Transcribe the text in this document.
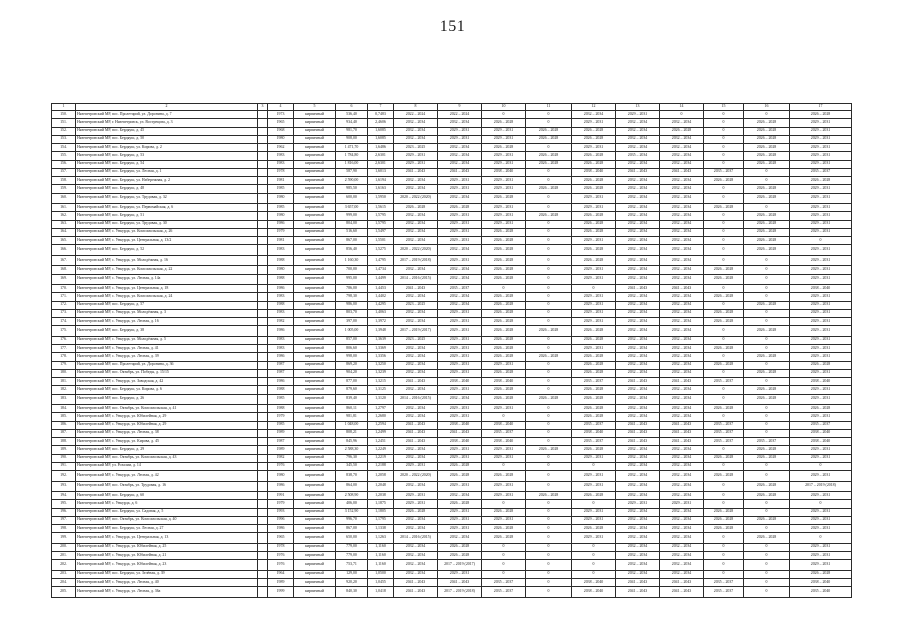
151
1	2	3	4	5	6	7	8	9	10	11	12	13	14	15	16	17
150.	Нязепетровский МР, пос. Пролетарий, ул. Доронина, д. 7		1973	кирпичный	536,40	0,7483	2022 – 2024	2022 – 2024	0	0	2032 – 2034	2029 – 2031	0	0	0	2026 – 2028
151.	Нязепетровский МР, г. Нязепетровск, ул. Вострецова, д. 3		1965	кирпичный	934,40	2,4606	2032 – 2034	2032 – 2034	2026 – 2028	0	2029 – 2031	2032 – 2034	2032 – 2034	0	2026 – 2028	2029 – 2031
152.	Нязепетровский МР, пос. Бердяуш, д. 45		1968	кирпичный	981,70	1,6085	2032 – 2034	2029 – 2031	2029 – 2031	2026 – 2028	2026 – 2028	2032 – 2034	2026 – 2028	0	2026 – 2028	2029 – 2031
153.	Нязепетровский МР, пос. Бердяуш, д. 50		1980	кирпичный	908,00	1,6085	2032 – 2034	2029 – 2031	2029 – 2031	2026 – 2028	2026 – 2028	2032 – 2034	2032 – 2034	0	2026 – 2028	2029 – 2031
154.	Нязепетровский МР, пос. Бердяуш, ул. Кирова, д. 2		1962	кирпичный	1 471,70	1,6486	2023 – 2025	2032 – 2034	2026 – 2028	0	2029 – 2031	2032 – 2034	2032 – 2034	0	2026 – 2028	2029 – 2031
155.	Нязепетровский МР, пос. Бердяуш, д. 53		1983	кирпичный	1 784,80	2,6301	2029 – 2031	2032 – 2034	2029 – 2031	2026 – 2028	2026 – 2028	2035 – 2034	2032 – 2034	0	2026 – 2028	2029 – 2031
156.	Нязепетровский МР, пос. Бердяуш, д. 54		1983	кирпичный	1 816,00	2,6301	2029 – 2031	2032 – 2034	2029 – 2031	2026 – 2028	2026 – 2028	2032 – 2034	2032 – 2034	0	2026 – 2028	2029 – 2031
157.	Нязепетровский МР, пос. Бердяуш, ул. Лесная, д. 1		1978	кирпичный	587,90	1,6013	2041 – 2043	2041 – 2043	2038 – 2040	0	2038 – 2040	2041 – 2043	2041 – 2043	2035 – 2037	0	2035 – 2037
158.	Нязепетровский МР, пос. Бердяуш, ул. Набережная, д. 2		1981	кирпичный	2 590,00	1,6194	2032 – 2034	2029 – 2031	2029 – 2031	0	2026 – 2028	2032 – 2034	2032 – 2034	2026 – 2028	0	2026 – 2028
159.	Нязепетровский МР, пос. Бердяуш, д. 48		1985	кирпичный	985,50	1,6163	2032 – 2034	2029 – 2031	2029 – 2031	2026 – 2028	2026 – 2028	2032 – 2034	2032 – 2034	0	2026 – 2028	2029 – 2031
160.	Нязепетровский МР, пос. Бердяуш, ул. Трудовая, д. 32		1980	кирпичный	600,00	1,5950	2020 – 2022 (2020)	2032 – 2034	2026 – 2028	0	2029 – 2031	2032 – 2034	2032 – 2034	0	2026 – 2028	2029 – 2031
161.	Нязепетровский МР, пос. Бердяуш, ул. Первомайская, д. 6		1985	кирпичный	3 657,00	1,5615	2026 – 2028	2026 – 2028	2029 – 2031	0	2029 – 2031	2032 – 2034	2032 – 2034	2026 – 2028	0	2029 – 2031
162.	Нязепетровский МР, пос. Бердяуш, д. 51		1980	кирпичный	999,00	1,5795	2032 – 2034	2029 – 2031	2029 – 2031	2026 – 2028	2026 – 2028	2032 – 2034	2032 – 2034	0	2026 – 2028	2029 – 2031
163.	Нязепетровский МР, пос. Бердяуш, ул. Трудовая, д. 30		1986	кирпичный	804,00	1,5795	2032 – 2034	2029 – 2031	2029 – 2031	0	2026 – 2028	2032 – 2034	2032 – 2034	0	2026 – 2028	2029 – 2031
164.	Нязепетровский МР, с. Ункурда, ул. Комсомольская, д. 26		1979	кирпичный	516,60	1,5497	2032 – 2034	2029 – 2031	2026 – 2028	0	2026 – 2028	2032 – 2034	2032 – 2034	0	2026 – 2028	2029 – 2031
165.	Нязепетровский МР, с. Ункурда, ул. Центральная, д. 13/2		1981	кирпичный	867,00	1,5501	2032 – 2034	2029 – 2031	2026 – 2028	0	2029 – 2031	2032 – 2034	2032 – 2034	0	2026 – 2028	0
166.	Нязепетровский МР, пос. Бердяуш, д. 52		1983	кирпичный	856,40	1,5275	2020 – 2022 (2020)	2032 – 2034	2026 – 2028	0	2026 – 2028	2032 – 2034	2032 – 2034	0	2026 – 2028	2029 – 2031
167.	Нязепетровский МР, с. Ункурда, ул. Молодёжная, д. 16		1988	кирпичный	1 160,30	1,4795	2017 – 2019 (2018)	2029 – 2031	2026 – 2028	0	2026 – 2028	2032 – 2034	2032 – 2034	0	0	2029 – 2031
168.	Нязепетровский МР, с. Ункурда, ул. Комсомольская, д. 22		1980	кирпичный	700,00	1,4734	2032 – 2034	2032 – 2034	2026 – 2028	0	2029 – 2031	2032 – 2034	2032 – 2034	2026 – 2028	0	2029 – 2031
169.	Нязепетровский МР, с. Ункурда, ул. Лесная, д. 14а		1988	кирпичный	995,00	1,4499	2014 – 2016 (2015)	2032 – 2034	2026 – 2028	0	2029 – 2031	2032 – 2034	2032 – 2034	2026 – 2028	0	2029 – 2031
170.	Нязепетровский МР, с. Ункурда, ул. Центральная, д. 18		1986	кирпичный	786,00	1,4453	2041 – 2043	2035 – 2037	0	0	0	2041 – 2043	2041 – 2043	0	0	2038 – 2040
171.	Нязепетровский МР, с. Ункурда, ул. Комсомольская, д. 24		1983	кирпичный	798,30	1,4402	2032 – 2034	2032 – 2034	2026 – 2028	0	2029 – 2031	2032 – 2034	2032 – 2034	2026 – 2028	0	2029 – 2031
172.	Нязепетровский МР, пос. Бердяуш, д. 57		1988	кирпичный	986,00	1,4295	2023 – 2025	2032 – 2034	2026 – 2028	0	2029 – 2031	2032 – 2034	2032 – 2034	0	2026 – 2028	2029 – 2031
173.	Нязепетровский МР, с. Ункурда, ул. Молодёжная, д. 3		1983	кирпичный	803,70	1,4063	2032 – 2034	2029 – 2031	2026 – 2028	0	2029 – 2031	2032 – 2034	2032 – 2034	2026 – 2028	0	2029 – 2031
174.	Нязепетровский МР, с. Ункурда, ул. Лесная, д. 16		1982	кирпичный	397,00	1,3972	2032 – 2034	2029 – 2031	2026 – 2028	0	2029 – 2031	2032 – 2034	2032 – 2034	2026 – 2028	0	2029 – 2031
175.	Нязепетровский МР, пос. Бердяуш, д. 38		1986	кирпичный	1 005,00	1,3948	2017 – 2019 (2017)	2029 – 2031	2026 – 2028	2026 – 2028	2026 – 2028	2032 – 2034	2032 – 2034	0	2026 – 2028	2029 – 2031
176.	Нязепетровский МР, с. Ункурда, ул. Молодёжная, д. 5		1983	кирпичный	857,00	1,3639	2023 – 2025	2029 – 2031	2026 – 2028	0	2026 – 2028	2032 – 2034	2032 – 2034	0	0	2029 – 2031
177.	Нязепетровский МР, с. Ункурда, ул. Лесная, д. 41		1983	кирпичный	806,60	1,3369	2032 – 2034	2029 – 2031	2026 – 2028	0	2029 – 2031	2032 – 2034	2032 – 2034	2026 – 2028	0	2029 – 2031
178.	Нязепетровский МР, с. Ункурда, ул. Лесная, д. 39		1986	кирпичный	998,00	1,3356	2032 – 2034	2029 – 2031	2026 – 2028	2026 – 2028	2026 – 2028	2032 – 2034	2032 – 2034	0	2026 – 2028	2029 – 2031
179.	Нязепетровский МР, пос. Пролетарий, ул. Доронина, д. 36		1987	кирпичный	869,20	1,3250	2032 – 2034	2029 – 2031	2029 – 2031	0	2026 – 2028	2032 – 2034	2032 – 2034	2026 – 2028	0	2026 – 2028
180.	Нязепетровский МР, пос. Октябрь, ул. Победы, д. 15/15		1987	кирпичный	904,20	1,3239	2032 – 2034	2029 – 2031	2026 – 2028	0	2026 – 2028	2032 – 2034	2032 – 2034	0	2026 – 2028	2029 – 2031
181.	Нязепетровский МР, с. Ункурда, ул. Заводская, д. 42		1986	кирпичный	877,00	1,3215	2041 – 2043	2038 – 2040	2038 – 2040	0	2035 – 2037	2041 – 2043	2041 – 2043	2035 – 2037	0	2038 – 2040
182.	Нязепетровский МР, пос. Бердяуш, ул. Кирова, д. 6		1988	кирпичный	879,60	1,3125	2032 – 2034	2029 – 2031	2026 – 2028	0	2026 – 2028	2032 – 2034	2032 – 2034	0	2026 – 2028	2029 – 2031
183.	Нязепетровский МР, пос. Бердяуш, д. 26		1985	кирпичный	839,40	1,3120	2014 – 2016 (2015)	2032 – 2034	2026 – 2028	2026 – 2028	2026 – 2028	2032 – 2034	2032 – 2034	0	2026 – 2028	2029 – 2031
184.	Нязепетровский МР, пос. Октябрь, ул. Комсомольская, д. 41		1988	кирпичный	860,11	1,2797	2032 – 2034	2029 – 2031	2029 – 2031	0	2026 – 2028	2032 – 2034	2032 – 2034	2026 – 2028	0	2026 – 2028
185.	Нязепетровский МР, с. Ункурда, ул. Юбилейная, д. 29		1979	кирпичный	981,81	1,2680	2032 – 2034	2029 – 2031	0	0	2026 – 2028	2032 – 2034	2032 – 2034	0	0	2029 – 2031
186.	Нязепетровский МР, с. Ункурда, ул. Юбилейная, д. 29		1985	кирпичный	1 048,00	1,2594	2041 – 2043	2038 – 2040	2038 – 2040	0	2035 – 2037	2041 – 2043	2041 – 2043	2035 – 2037	0	2035 – 2037
187.	Нязепетровский МР, с. Ункурда, ул. Лесная, д. 38		1989	кирпичный	808,21	1,2499	2041 – 2043	2041 – 2043	2035 – 2037	0	2038 – 2040	2041 – 2043	2041 – 2043	2035 – 2037	0	2038 – 2040
188.	Нязепетровский МР, с. Ункурда, ул. Кирова, д. 45		1987	кирпичный	845,96	1,2451	2041 – 2043	2038 – 2040	2038 – 2040	0	2035 – 2037	2041 – 2043	2041 – 2043	2035 – 2037	2035 – 2037	2038 – 2040
189.	Нязепетровский МР, пос. Бердяуш, д. 29		1989	кирпичный	2 588,30	1,2249	2032 – 2034	2029 – 2031	2029 – 2031	2026 – 2028	2026 – 2028	2032 – 2034	2032 – 2034	0	2026 – 2028	2029 – 2031
190.	Нязепетровский МР, пос. Октябрь, ул. Комсомольская, д. 43		1982	кирпичный	796,30	1,2219	2032 – 2034	2029 – 2031	2029 – 2031	0	2029 – 2031	2032 – 2034	2032 – 2034	2026 – 2028	2026 – 2028	2029 – 2031
191.	Нязепетровский МР, ул. Розалии, д. 14		1976	кирпичный	345,50	1,2188	2029 – 2031	2026 – 2028	0	0	0	2032 – 2034	2032 – 2034	0	0	0
192.	Нязепетровский МР, с. Ункурда, ул. Лесная, д. 42		1980	кирпичный	838,70	1,2058	2020 – 2022 (2020)	2026 – 2028	2026 – 2028	0	2029 – 2031	2032 – 2034	2032 – 2034	2026 – 2028	0	2029 – 2031
193.	Нязепетровский МР, пос. Октябрь, ул. Трудовая, д. 16		1986	кирпичный	864,00	1,2048	2032 – 2034	2029 – 2031	2029 – 2031	0	2029 – 2031	2032 – 2034	2032 – 2034	0	2026 – 2028	2017 – 2019 (2018)
194.	Нязепетровский МР, пос. Бердяуш, д. 60		1991	кирпичный	2 508,90	1,2038	2029 – 2031	2032 – 2034	2029 – 2031	2026 – 2028	2026 – 2028	2032 – 2034	2032 – 2034	0	2026 – 2028	2029 – 2031
195.	Нязепетровский МР, с. Ункурда, д. 6		1979	кирпичный	406,00	1,1875	2029 – 2031	2026 – 2028	0	0	0	2029 – 2031	2029 – 2031	0	0	0
196.	Нязепетровский МР, пос. Бердяуш, ул. Садовая, д. 5		1993	кирпичный	3 152,90	1,1805	2026 – 2028	2029 – 2031	2026 – 2028	0	2029 – 2031	2032 – 2034	2032 – 2034	2026 – 2028	0	2029 – 2031
197.	Нязепетровский МР, пос. Октябрь, ул. Комсомольская, д. 40		1996	кирпичный	996,70	1,1795	2032 – 2034	2029 – 2031	2029 – 2031	0	2029 – 2031	2032 – 2034	2032 – 2034	2026 – 2028	2026 – 2028	2029 – 2031
198.	Нязепетровский МР, пос. Бердяуш, ул. Лесная, д. 27		1986	кирпичный	867,00	1,1338	2032 – 2034	2029 – 2031	2026 – 2028	0	2026 – 2028	2032 – 2034	2032 – 2034	2026 – 2028	0	2029 – 2031
199.	Нязепетровский МР, с. Ункурда, ул. Центральная, д. 13		1965	кирпичный	650,00	1,1263	2014 – 2016 (2015)	2032 – 2034	2026 – 2028	0	2029 – 2031	2032 – 2034	2032 – 2034	0	2026 – 2028	0
200.	Нязепетровский МР, с. Ункурда, ул. Юбилейная, д. 25		1978	кирпичный	779,00	1,1160	2032 – 2034	2026 – 2028	0	0	0	2032 – 2034	2032 – 2034	0	0	2029 – 2031
201.	Нязепетровский МР, с. Ункурда, ул. Юбилейная, д. 21		1976	кирпичный	779,00	1,1160	2032 – 2034	2026 – 2028	0	0	0	2032 – 2034	2032 – 2034	0	0	2029 – 2031
202.	Нязепетровский МР, с. Ункурда, ул. Юбилейная, д. 23		1976	кирпичный	753,71	1,1160	2032 – 2034	2017 – 2019 (2017)	0	0	0	2032 – 2034	2032 – 2034	0	0	2029 – 2031
203.	Нязепетровский МР, пос. Бердяуш, ул. Зелёная, д. 39		1964	кирпичный	129,00	1,0500	2032 – 2034	2029 – 2031	0	0	0	2032 – 2034	2032 – 2034	0	0	2026 – 2028
204.	Нязепетровский МР, с. Ункурда, ул. Лесная, д. 40		1989	кирпичный	920,20	1,0455	2041 – 2043	2041 – 2043	2035 – 2037	0	2038 – 2040	2041 – 2043	2041 – 2043	2035 – 2037	0	2038 – 2040
205.	Нязепетровский МР, с. Ункурда, ул. Лесная, д. 36а		1999	кирпичный	840,30	1,0418	2041 – 2043	2017 – 2019 (2018)	2035 – 2037	0	2038 – 2040	2041 – 2043	2041 – 2043	2035 – 2037	0	2035 – 2040
